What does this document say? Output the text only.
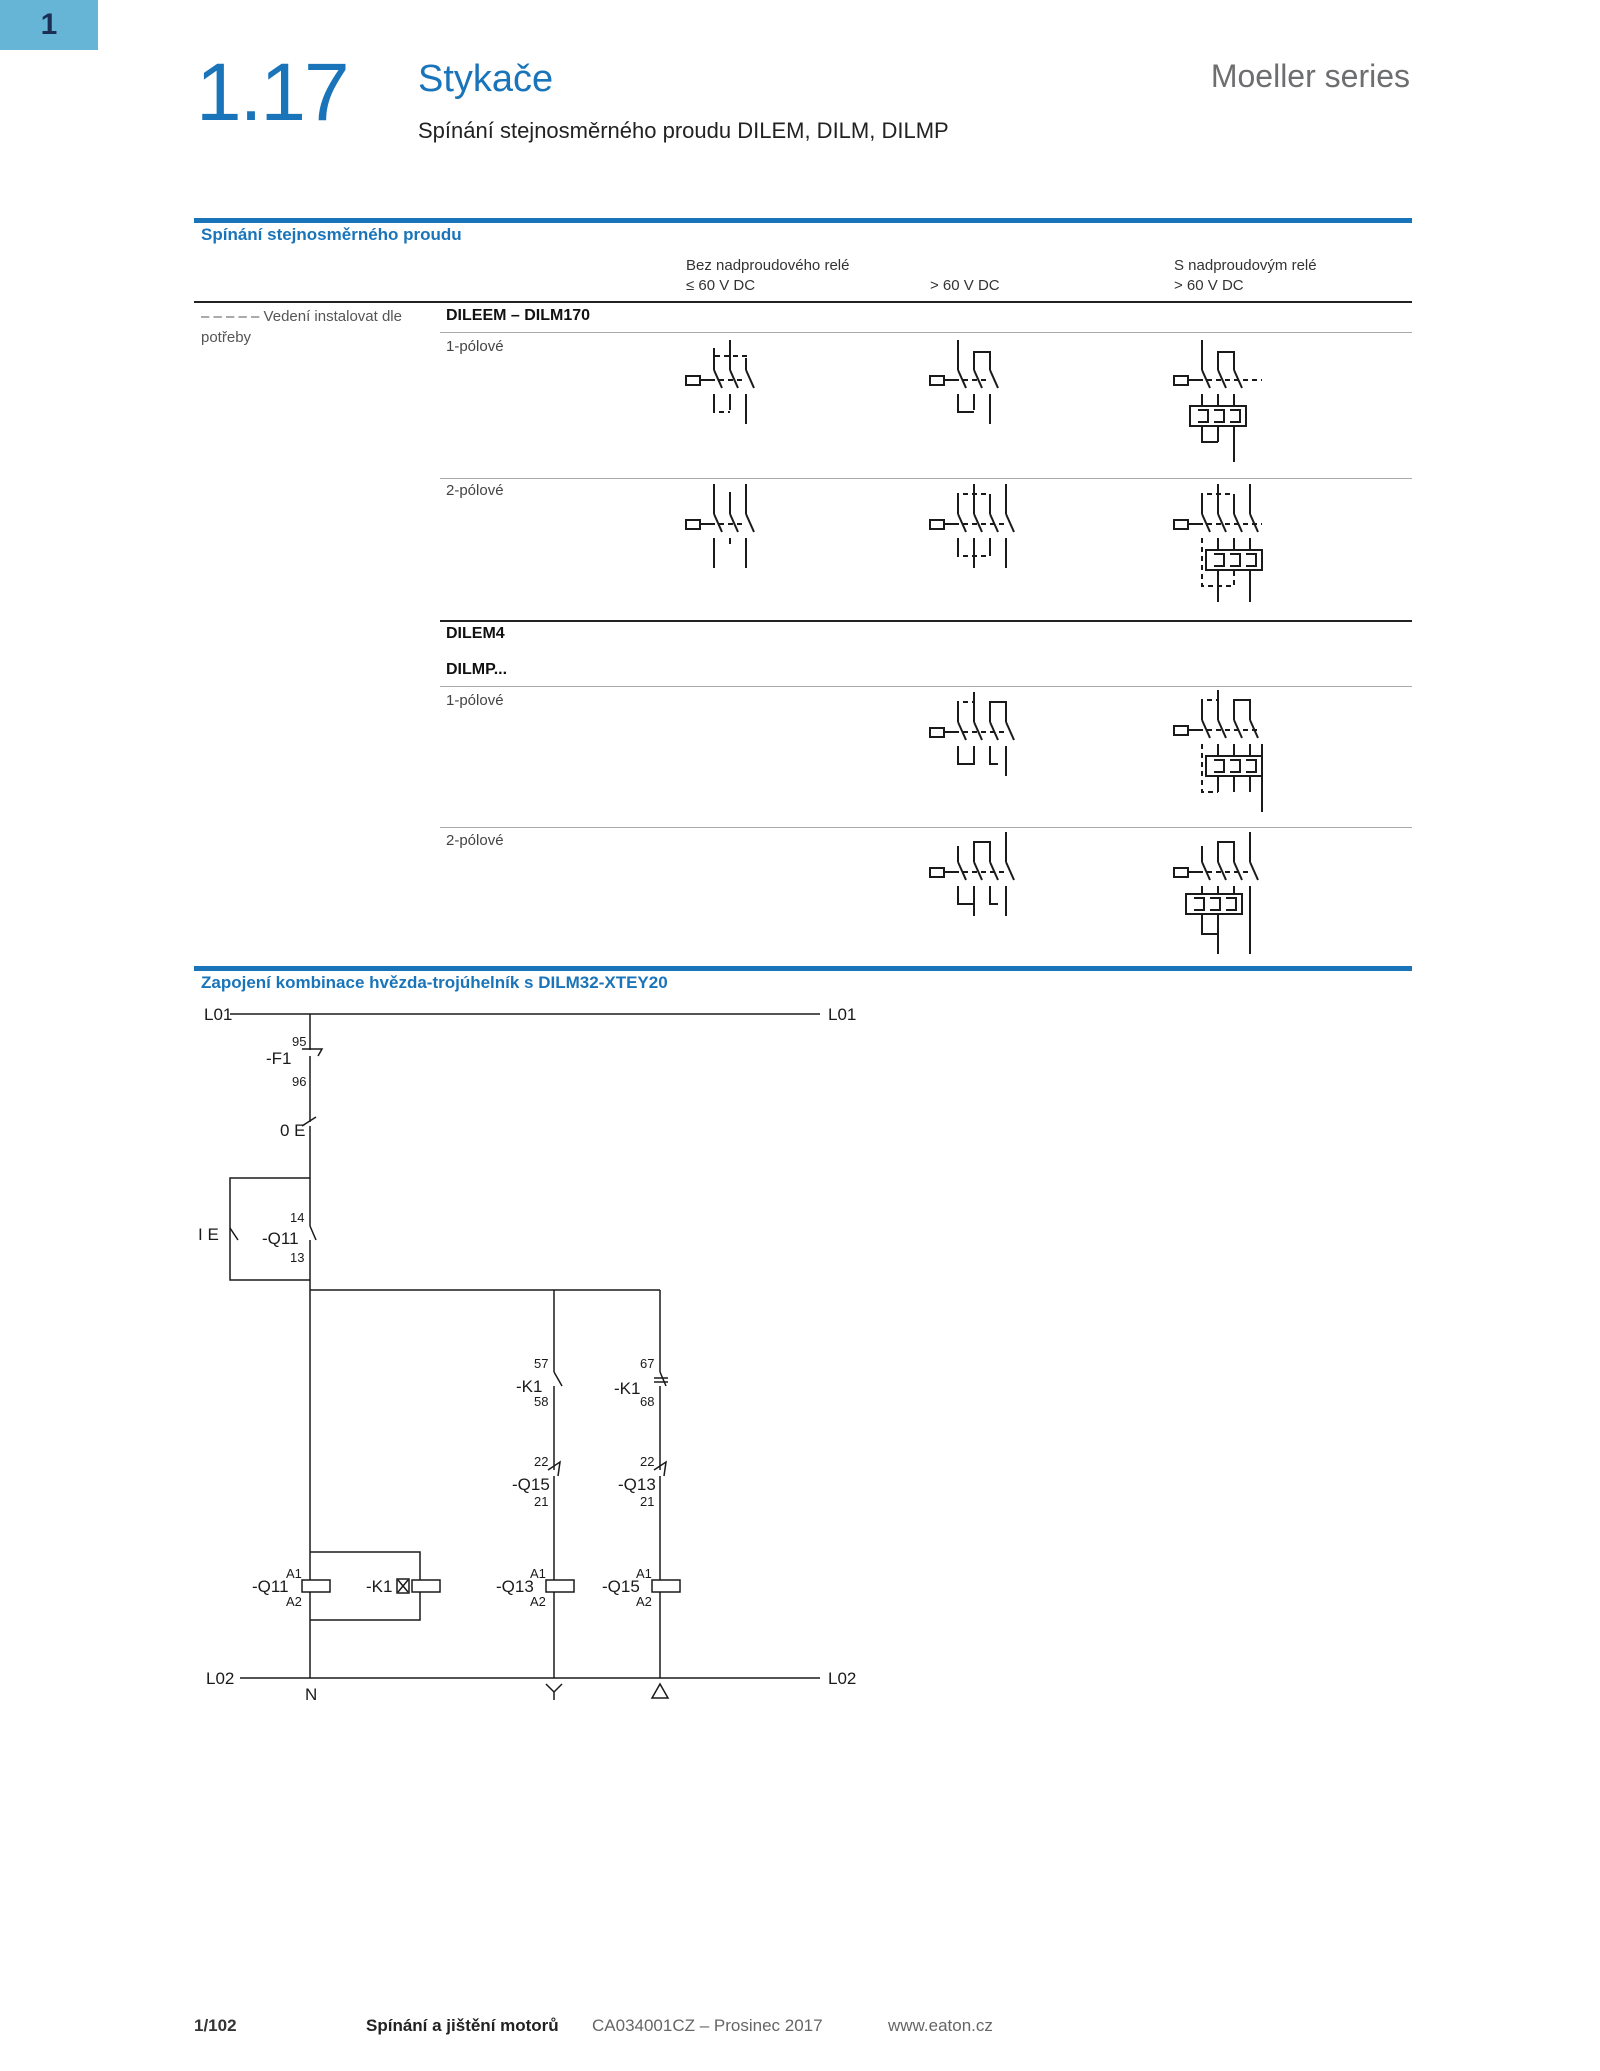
1.17 Stykače
Spínání stejnosměrného proudu DILEM, DILM, DILMP
Moeller series
1
Spínání stejnosměrného proudu
Bez nadproudového relé
≤ 60 V DC	> 60 V DC
S nadproudovým relé
> 60 V DC
– – – – – Vedení instalovat dle potřeby
DILEEM – DILM170
1-pólové
2-pólové
DILEM4
DILMP...
1-pólové
2-pólové
Zapojení kombinace hvězda-trojúhelník s DILM32-XTEY20
L01	L01
-F1
95
96
0 E
I E	-Q11
14
13
-Q11
A1
A2
-K1
-K1
57
58
-Q15
22
21
-Q13
A1
A2
-K1
67
68
-Q13
22
21
-Q15
A1
A2
L02	L02
N
1/102	Spínání a jištění motorů CA034001CZ – Prosinec 2017	www.eaton.cz
